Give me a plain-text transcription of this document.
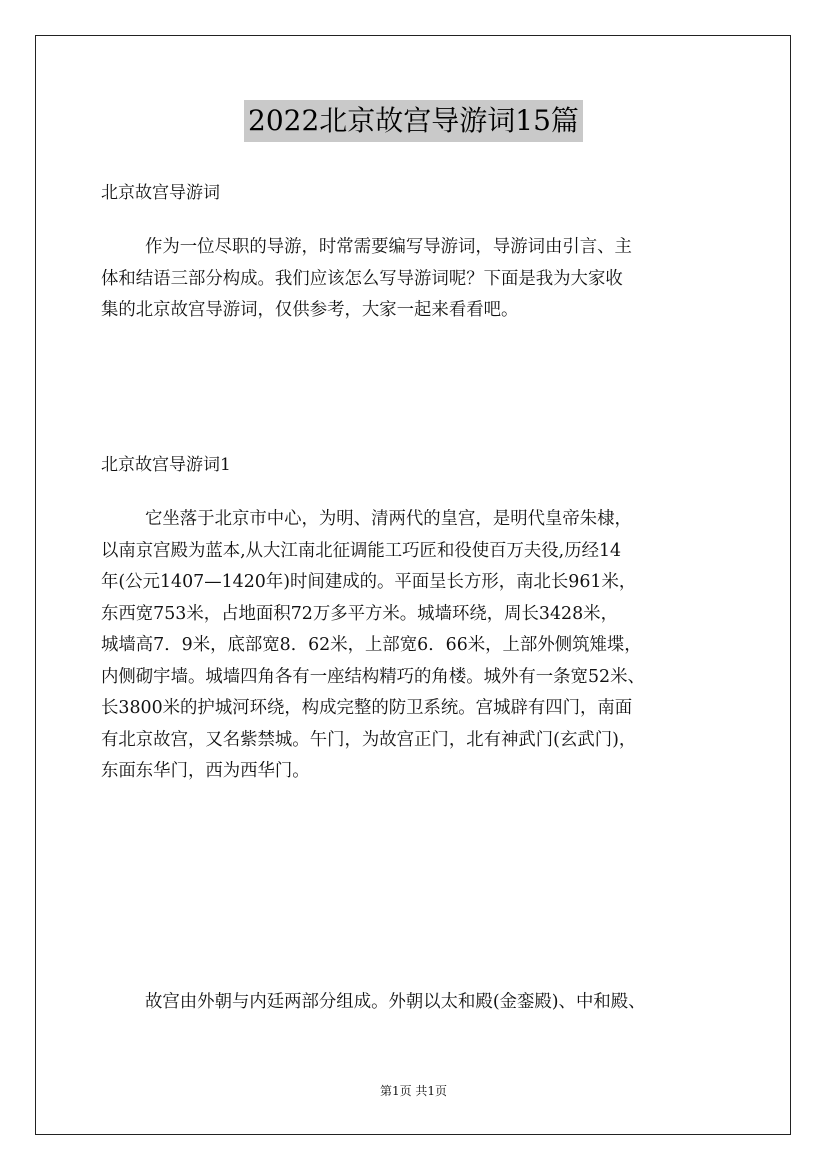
2022北京故宫导游词15篇
北京故宫导游词
作为一位尽职的导游，时常需要编写导游词，导游词由引言、主
体和结语三部分构成。我们应该怎么写导游词呢？下面是我为大家收
集的北京故宫导游词，仅供参考，大家一起来看看吧。
北京故宫导游词1
它坐落于北京市中心，为明、清两代的皇宫，是明代皇帝朱棣，
以南京宫殿为蓝本,从大江南北征调能工巧匠和役使百万夫役,历经14
年(公元1407—1420年)时间建成的。平面呈长方形，南北长961米，
东西宽753米，占地面积72万多平方米。城墙环绕，周长3428米，
城墙高7．9米，底部宽8．62米，上部宽6．66米，上部外侧筑雉堞，
内侧砌宇墙。城墙四角各有一座结构精巧的角楼。城外有一条宽52米、
长3800米的护城河环绕，构成完整的防卫系统。宫城辟有四门，南面
有北京故宫，又名紫禁城。午门，为故宫正门，北有神武门(玄武门)，
东面东华门，西为西华门。
故宫由外朝与内廷两部分组成。外朝以太和殿(金銮殿)、中和殿、
第1页 共1页
